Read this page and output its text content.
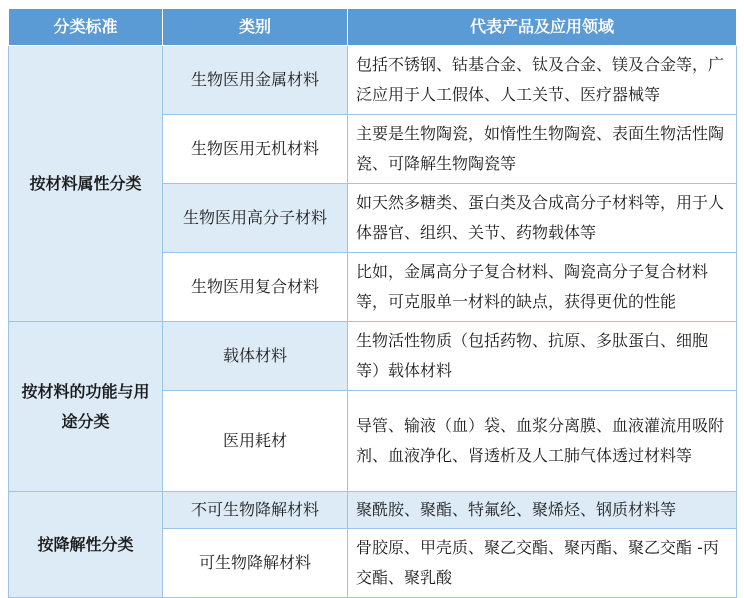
分类标准	类别	代表产品及应用领域
按材料属性分类	生物医用金属材料	包括不锈钢、钴基合金、钛及合金、镁及合金等，广泛应用于人工假体、人工关节、医疗器械等
	生物医用无机材料	主要是生物陶瓷，如惰性生物陶瓷、表面生物活性陶瓷、可降解生物陶瓷等
	生物医用高分子材料	如天然多糖类、蛋白类及合成高分子材料等，用于人体器官、组织、关节、药物载体等
	生物医用复合材料	比如，金属高分子复合材料、陶瓷高分子复合材料等，可克服单一材料的缺点，获得更优的性能
按材料的功能与用途分类	载体材料	生物活性物质（包括药物、抗原、多肽蛋白、细胞等）载体材料
	医用耗材	导管、输液（血）袋、血浆分离膜、血液灌流用吸附剂、血液净化、肾透析及人工肺气体透过材料等
按降解性分类	不可生物降解材料	聚酰胺、聚酯、特氟纶、聚烯烃、钢质材料等
	可生物降解材料	骨胶原、甲壳质、聚乙交酯、聚丙酯、聚乙交酯 -丙交酯、聚乳酸
